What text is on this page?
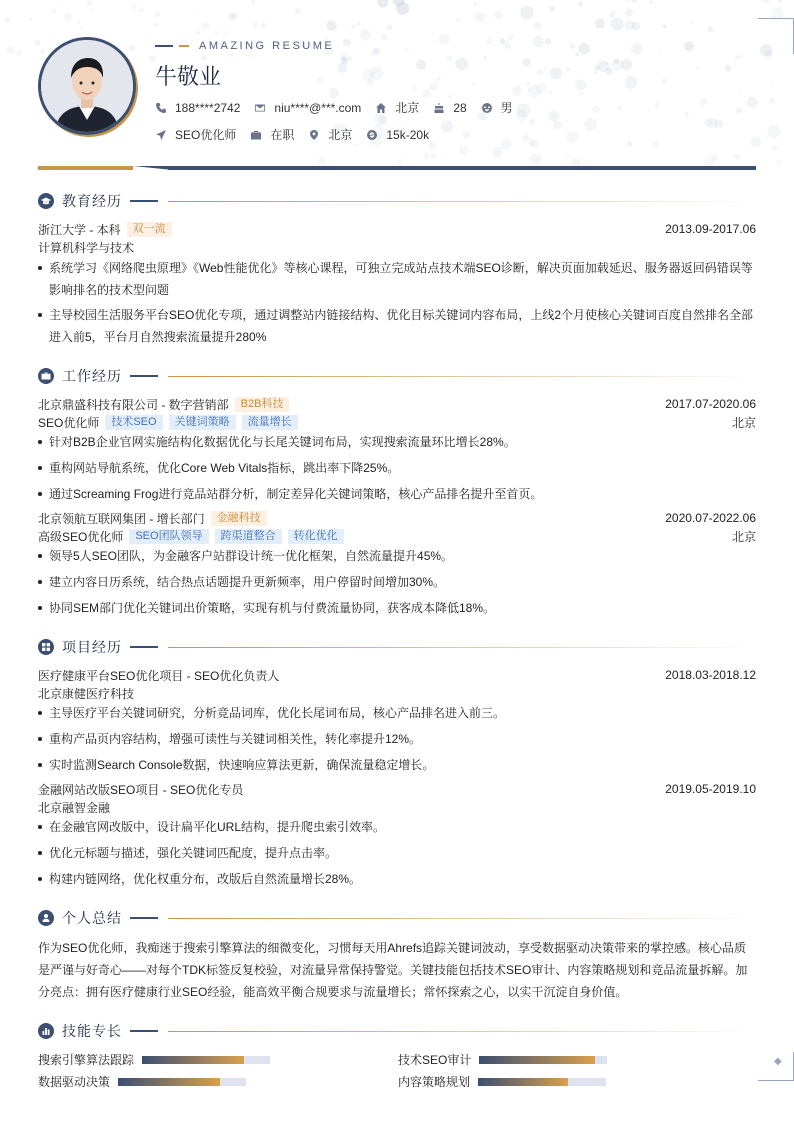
◆
AMAZING RESUME
牛敬业
188****2742	niu****@***.com	北京	28	男
SEO优化师	在职	北京	15k-20k
教育经历
浙江大学 - 本科	双一流	2013.09-2017.06
计算机科学与技术
系统学习《网络爬虫原理》《Web性能优化》等核心课程，可独立完成站点技术端SEO诊断，解决页面加载延迟、服务器返回码错误等影响排名的技术型问题
主导校园生活服务平台SEO优化专项，通过调整站内链接结构、优化目标关键词内容布局，上线2个月使核心关键词百度自然排名全部进入前5，平台月自然搜索流量提升280%
工作经历
北京鼎盛科技有限公司 - 数字营销部	B2B科技	2017.07-2020.06
SEO优化师	技术SEO	关键词策略	流量增长	北京
针对B2B企业官网实施结构化数据优化与长尾关键词布局，实现搜索流量环比增长28%。
重构网站导航系统，优化Core Web Vitals指标，跳出率下降25%。
通过Screaming Frog进行竞品站群分析，制定差异化关键词策略，核心产品排名提升至首页。
北京领航互联网集团 - 增长部门	金融科技	2020.07-2022.06
高级SEO优化师	SEO团队领导	跨渠道整合	转化优化	北京
领导5人SEO团队，为金融客户站群设计统一优化框架，自然流量提升45%。
建立内容日历系统，结合热点话题提升更新频率，用户停留时间增加30%。
协同SEM部门优化关键词出价策略，实现有机与付费流量协同，获客成本降低18%。
项目经历
医疗健康平台SEO优化项目 - SEO优化负责人	2018.03-2018.12
北京康健医疗科技
主导医疗平台关键词研究，分析竞品词库，优化长尾词布局，核心产品排名进入前三。
重构产品页内容结构，增强可读性与关键词相关性，转化率提升12%。
实时监测Search Console数据，快速响应算法更新，确保流量稳定增长。
金融网站改版SEO项目 - SEO优化专员	2019.05-2019.10
北京融智金融
在金融官网改版中，设计扁平化URL结构，提升爬虫索引效率。
优化元标题与描述，强化关键词匹配度，提升点击率。
构建内链网络，优化权重分布，改版后自然流量增长28%。
个人总结
作为SEO优化师，我痴迷于搜索引擎算法的细微变化，习惯每天用Ahrefs追踪关键词波动，享受数据驱动决策带来的掌控感。核心品质是严谨与好奇心——对每个TDK标签反复校验，对流量异常保持警觉。关键技能包括技术SEO审计、内容策略规划和竞品流量拆解。加分亮点：拥有医疗健康行业SEO经验，能高效平衡合规要求与流量增长；常怀探索之心，以实干沉淀自身价值。
技能专长
搜索引擎算法跟踪	技术SEO审计
数据驱动决策	内容策略规划
